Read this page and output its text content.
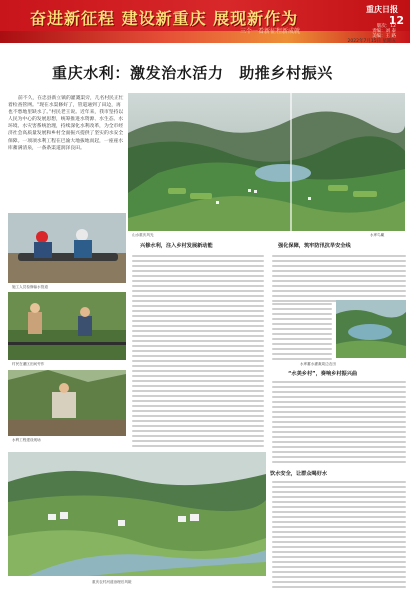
奋进新征程 建设新重庆 展现新作为
三个一看新征程新成就
重庆日报
12
版次：12
责编：刘 泰
美编：王 路
2022年7月15日 星期五
重庆水利：激发治水活力　助推乡村振兴
前不久，在忠县新立镇的灌溉渠旁，几名村民正忙着检查管网。“现在水渠修好了，管道通到了田边，再也不愁地里缺水了。”村民老王说。近年来，我市坚持以人民为中心的发展思想，统筹推进水资源、水生态、水环境、水灾害系统治理，持续深化水利改革，为全市经济社会高质量发展和乡村全面振兴提供了坚实的水安全保障。一项项水利工程在巴渝大地拔地而起，一座座水库蓄满清泉，一条条渠道润泽良田。
山水重庆风光	水库鸟瞰
施工人员检修输水管道
村民在灌区田间劳作
水利工程建设现场
兴修水利，注入乡村发展新动能	强化保障，筑牢防汛抗旱安全线
“水美乡村”，奏响乡村振兴曲
饮水安全，让群众喝好水
水库蓄水灌溉周边农田
重庆农村河道治理后风貌
